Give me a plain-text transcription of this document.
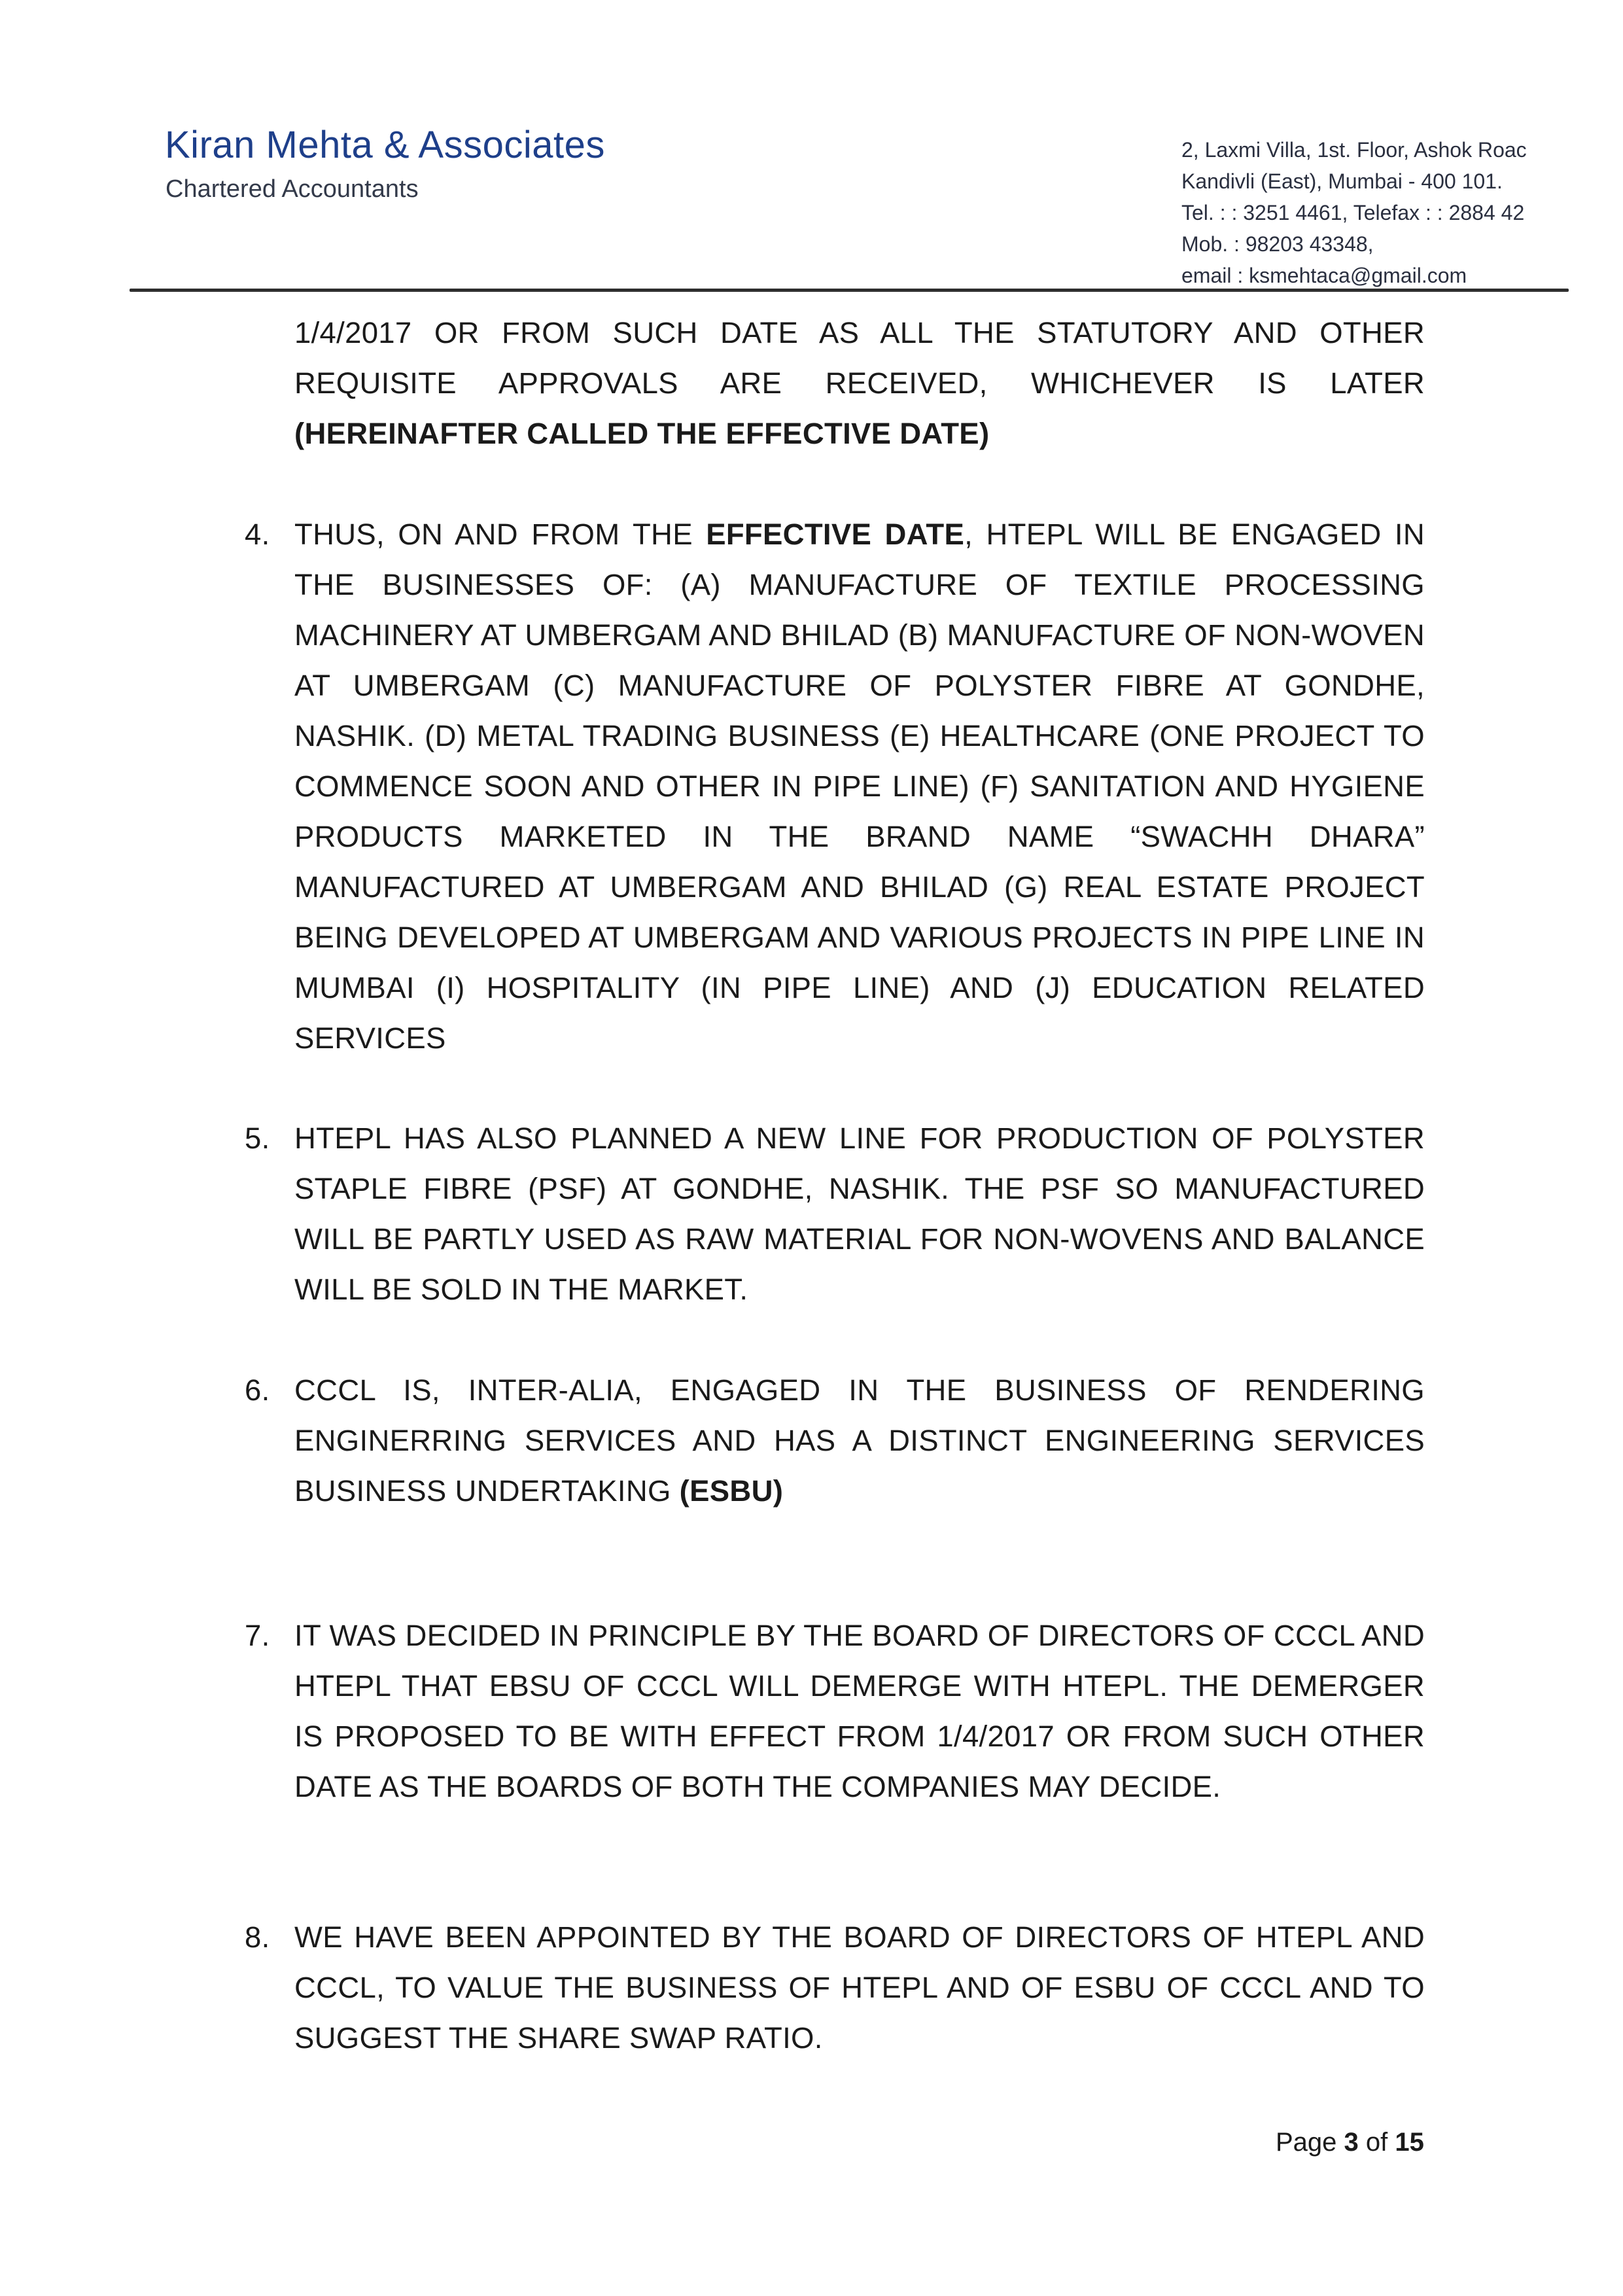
Kiran Mehta & Associates
Chartered Accountants
2, Laxmi Villa, 1st. Floor, Ashok Roac
Kandivli (East), Mumbai - 400 101.
Tel. : : 3251 4461, Telefax : : 2884 42
Mob. : 98203 43348,
email : ksmehtaca@gmail.com
1/4/2017 OR FROM SUCH DATE AS ALL THE STATUTORY AND OTHER REQUISITE APPROVALS ARE RECEIVED, WHICHEVER IS LATER (HEREINAFTER CALLED THE EFFECTIVE DATE)
4. THUS, ON AND FROM THE EFFECTIVE DATE, HTEPL WILL BE ENGAGED IN THE BUSINESSES OF: (A) MANUFACTURE OF TEXTILE PROCESSING MACHINERY AT UMBERGAM AND BHILAD (B) MANUFACTURE OF NON-WOVEN AT UMBERGAM (C) MANUFACTURE OF POLYSTER FIBRE AT GONDHE, NASHIK. (D) METAL TRADING BUSINESS (E) HEALTHCARE (ONE PROJECT TO COMMENCE SOON AND OTHER IN PIPE LINE) (F) SANITATION AND HYGIENE PRODUCTS MARKETED IN THE BRAND NAME “SWACHH DHARA” MANUFACTURED AT UMBERGAM AND BHILAD (G) REAL ESTATE PROJECT BEING DEVELOPED AT UMBERGAM AND VARIOUS PROJECTS IN PIPE LINE IN MUMBAI (I) HOSPITALITY (IN PIPE LINE) AND (J) EDUCATION RELATED SERVICES
5. HTEPL HAS ALSO PLANNED A NEW LINE FOR PRODUCTION OF POLYSTER STAPLE FIBRE (PSF) AT GONDHE, NASHIK. THE PSF SO MANUFACTURED WILL BE PARTLY USED AS RAW MATERIAL FOR NON-WOVENS AND BALANCE WILL BE SOLD IN THE MARKET.
6. CCCL IS, INTER-ALIA, ENGAGED IN THE BUSINESS OF RENDERING ENGINERRING SERVICES AND HAS A DISTINCT ENGINEERING SERVICES BUSINESS UNDERTAKING (ESBU)
7. IT WAS DECIDED IN PRINCIPLE BY THE BOARD OF DIRECTORS OF CCCL AND HTEPL THAT EBSU OF CCCL WILL DEMERGE WITH HTEPL. THE DEMERGER IS PROPOSED TO BE WITH EFFECT FROM 1/4/2017 OR FROM SUCH OTHER DATE AS THE BOARDS OF BOTH THE COMPANIES MAY DECIDE.
8. WE HAVE BEEN APPOINTED BY THE BOARD OF DIRECTORS OF HTEPL AND CCCL, TO VALUE THE BUSINESS OF HTEPL AND OF ESBU OF CCCL AND TO SUGGEST THE SHARE SWAP RATIO.
Page 3 of 15
